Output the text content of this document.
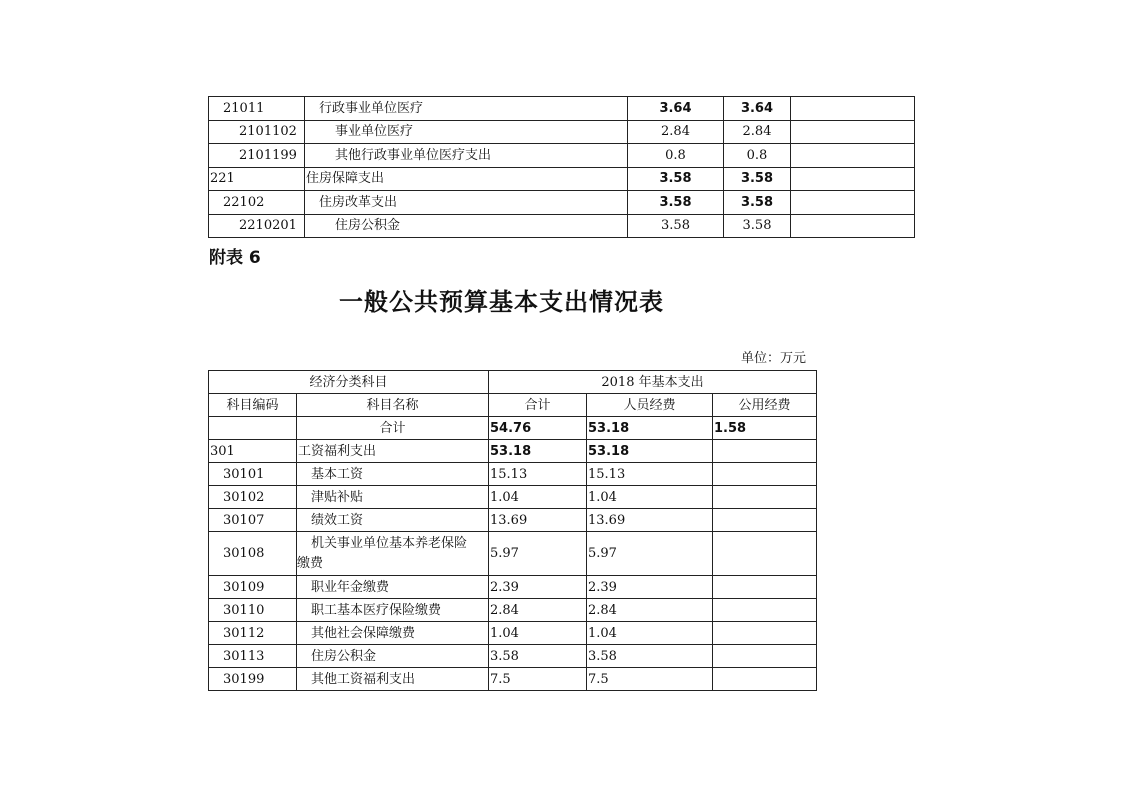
21011	行政事业单位医疗	3.64	3.64	
2101102	事业单位医疗	2.84	2.84	
2101199	其他行政事业单位医疗支出	0.8	0.8	
221	住房保障支出	3.58	3.58	
22102	住房改革支出	3.58	3.58	
2210201	住房公积金	3.58	3.58	
附表 6
一般公共预算基本支出情况表
单位：万元
经济分类科目		2018 年基本支出		
科目编码	科目名称	合计	人员经费	公用经费
	合计	54.76	53.18	1.58
301	工资福利支出	53.18	53.18	
30101	基本工资	15.13	15.13	
30102	津贴补贴	1.04	1.04	
30107	绩效工资	13.69	13.69	
30108	机关事业单位基本养老保险
缴费	5.97	5.97	
30109	职业年金缴费	2.39	2.39	
30110	职工基本医疗保险缴费	2.84	2.84	
30112	其他社会保障缴费	1.04	1.04	
30113	住房公积金	3.58	3.58	
30199	其他工资福利支出	7.5	7.5	
